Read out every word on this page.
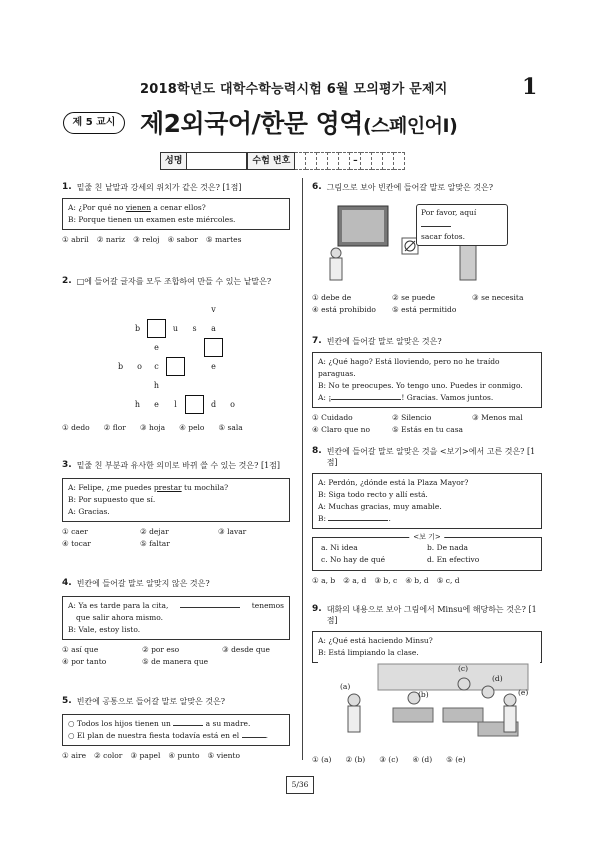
2018학년도 대학수학능력시험 6월 모의평가 문제지	1
제 5 교시 제2외국어/한문 영역(스페인어Ⅰ)
성명	수험 번호	–
1. 밑줄 친 낱말과 강세의 위치가 같은 것은? [1점]
A: ¿Por qué no vienen a cenar ellos?
B: Porque tienen un examen este miércoles.
① abril ② nariz ③ reloj ④ sabor ⑤ martes
2. □에 들어갈 글자를 모두 조합하여 만들 수 있는 낱말은?
v
b	u	s	a
e
b	o	c	e
h
h	e	l	d	o
① dedo ② flor ③ hoja ④ pelo ⑤ sala
3. 밑줄 친 부분과 유사한 의미로 바뀌 쓸 수 있는 것은? [1점]
A: Felipe, ¿me puedes prestar tu mochila?
B: Por supuesto que sí.
A: Gracias.
① caer	② dejar	③ lavar
④ tocar	⑤ faltar
4. 빈칸에 들어갈 말로 알맞지 않은 것은?
A: Ya es tarde para la cita,	tenemos
que salir ahora mismo.
B: Vale, estoy listo.
① así que	② por eso	③ desde que
④ por tanto	⑤ de manera que
5. 빈칸에 공통으로 들어갈 말로 알맞은 것은?
○ Todos los hijos tienen un	a su madre.
○ El plan de nuestra fiesta todavía está en el	.
① aire ② color ③ papel ④ punto ⑤ viento
6. 그림으로 보아 빈칸에 들어갈 말로 알맞은 것은?
Por favor, aquí
sacar fotos.
① debe de	② se puede	③ se necesita
④ está prohibido	⑤ está permitido
7. 빈칸에 들어갈 말로 알맞은 것은?
A: ¿Qué hago? Está lloviendo, pero no he traído paraguas.
B: No te preocupes. Yo tengo uno. Puedes ir conmigo.
A: ¡	! Gracias. Vamos juntos.
① Cuidado	② Silencio	③ Menos mal
④ Claro que no	⑤ Estás en tu casa
8. 빈칸에 들어갈 말로 알맞은 것을 <보기>에서 고른 것은? [1점]
A: Perdón, ¿dónde está la Plaza Mayor?
B: Siga todo recto y allí está.
A: Muchas gracias, muy amable.
B:	.
<보 기>
a. Ni idea	b. De nada
c. No hay de qué	d. En efectivo
① a, b ② a, d ③ b, c ④ b, d ⑤ c, d
9. 대화의 내용으로 보아 그림에서 Minsu에 해당하는 것은? [1점]
A: ¿Qué está haciendo Minsu?
B: Está limpiando la clase.
(a)
(b)
(c)
(d)
(e)
① (a) ② (b) ③ (c) ④ (d) ⑤ (e)
5/36
